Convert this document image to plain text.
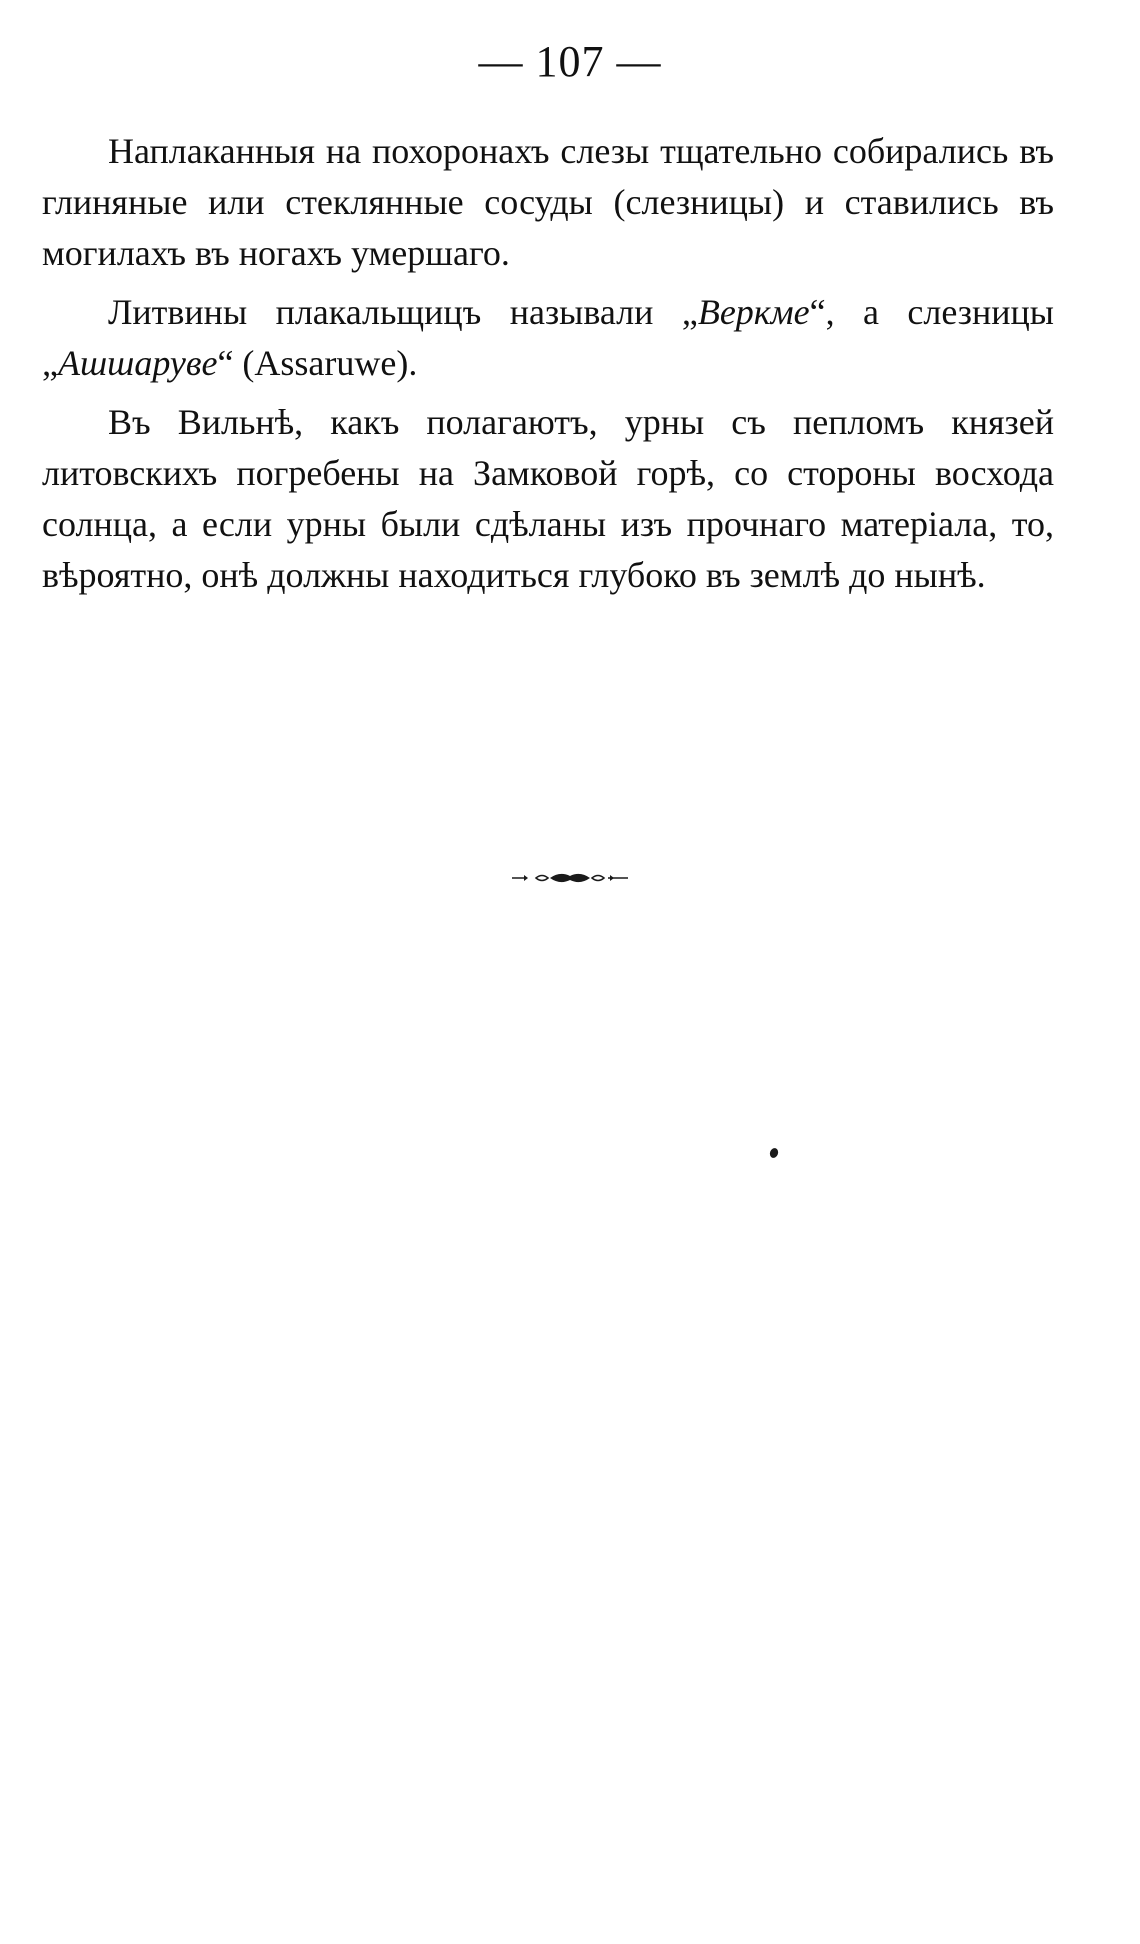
— 107 —

Наплаканныя на похоронахъ слезы тщательно собирались въ глиняные или стеклянные сосуды (слезницы) и ставились въ могилахъ въ ногахъ умершаго.

Литвины плакальщицъ называли „Веркме“, а слезницы „Ашшарувe“ (Assaruwe).

Въ Вильнѣ, какъ полагаютъ, урны съ пепломъ князей литовскихъ погребены на Замковой горѣ, со стороны восхода солнца, а если урны были сдѣланы изъ прочнаго матеріала, то, вѣроятно, онѣ должны находиться глубоко въ землѣ до нынѣ.
